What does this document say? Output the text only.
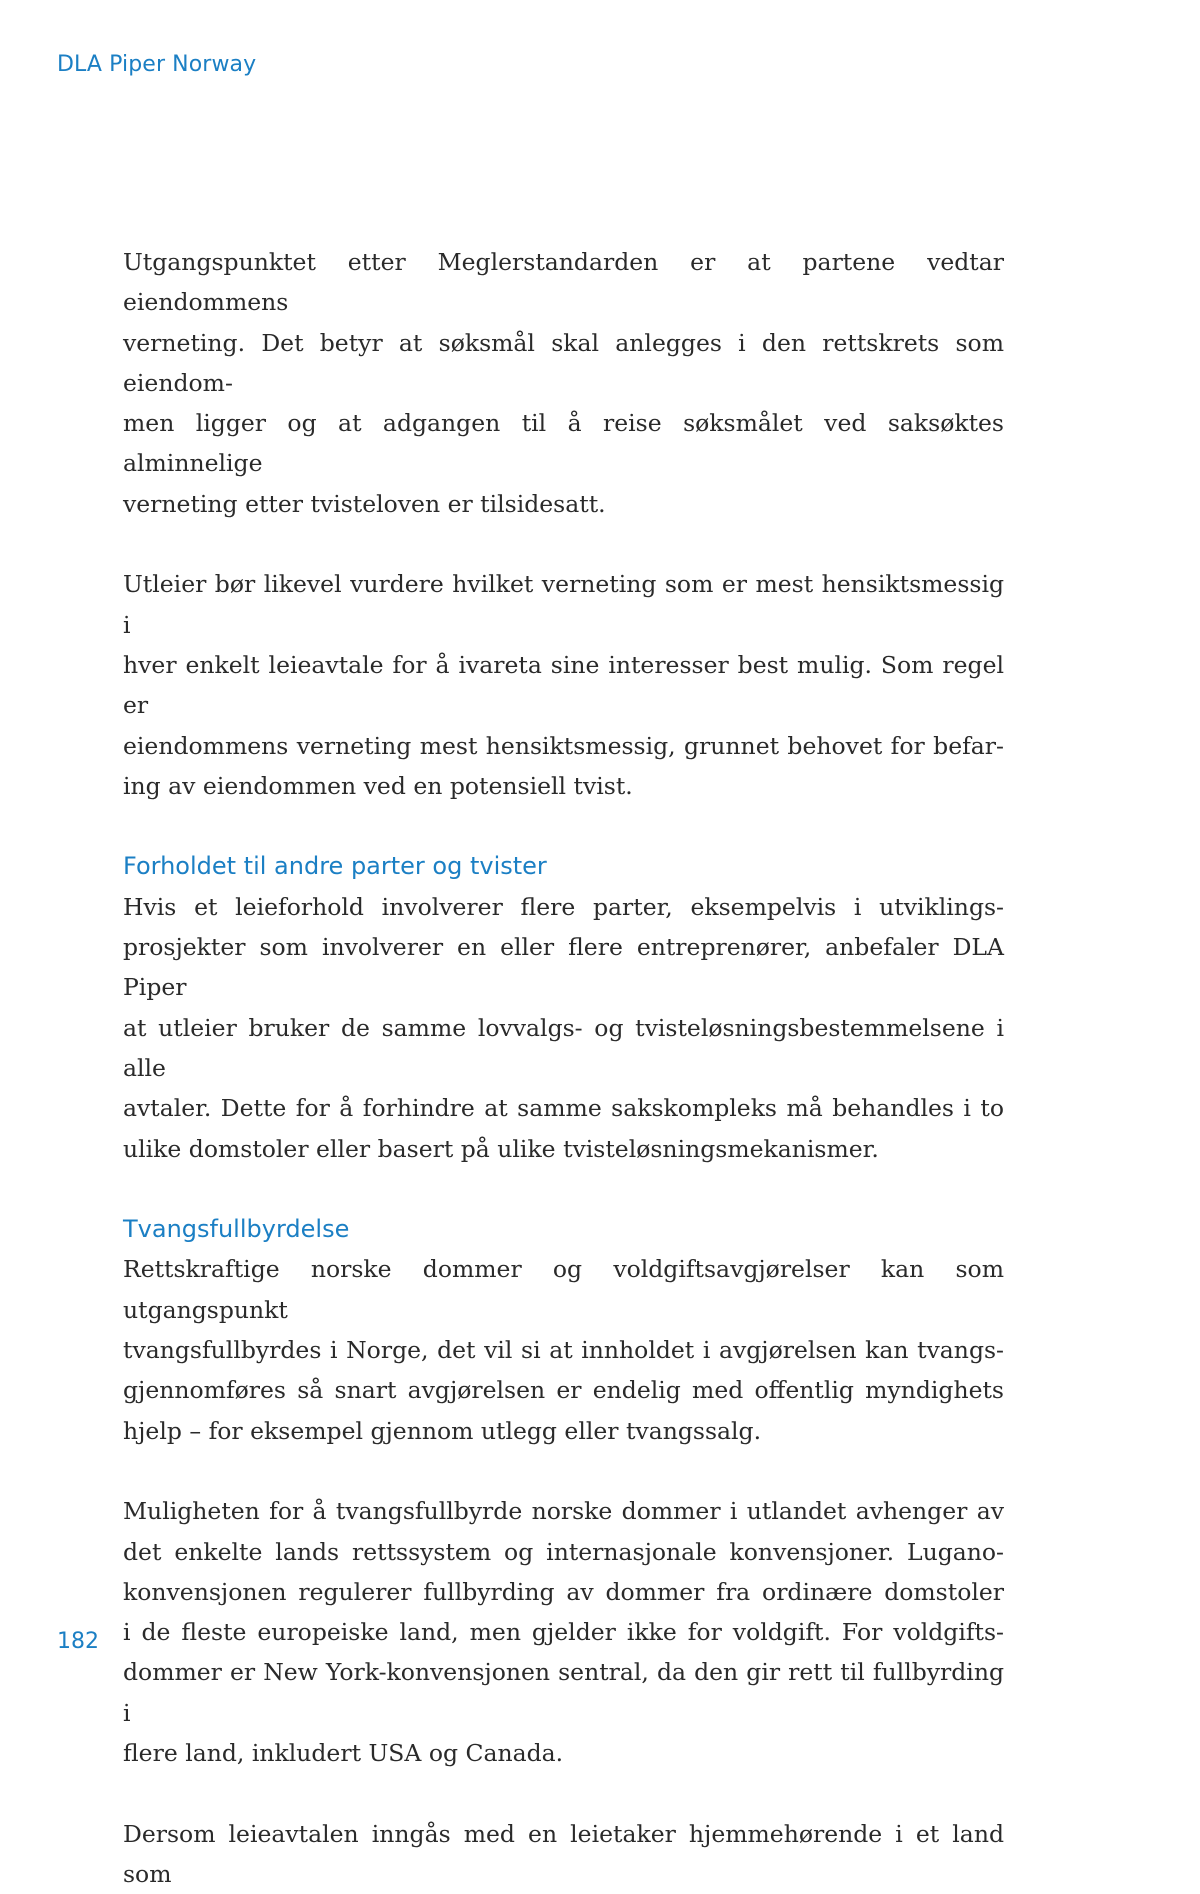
DLA Piper Norway
Utgangspunktet etter Meglerstandarden er at partene vedtar eiendommens
verneting. Det betyr at søksmål skal anlegges i den rettskrets som eiendom-
men ligger og at adgangen til å reise søksmålet ved saksøktes alminnelige
verneting etter tvisteloven er tilsidesatt.
Utleier bør likevel vurdere hvilket verneting som er mest hensiktsmessig i
hver enkelt leieavtale for å ivareta sine interesser best mulig. Som regel er
eiendommens verneting mest hensiktsmessig, grunnet behovet for befar-
ing av eiendommen ved en potensiell tvist.
Forholdet til andre parter og tvister
Hvis et leieforhold involverer flere parter, eksempelvis i utviklings-
prosjekter som involverer en eller flere entreprenører, anbefaler DLA Piper
at utleier bruker de samme lovvalgs- og tvisteløsningsbestemmelsene i alle
avtaler. Dette for å forhindre at samme sakskompleks må behandles i to
ulike domstoler eller basert på ulike tvisteløsningsmekanismer.
Tvangsfullbyrdelse
Rettskraftige norske dommer og voldgiftsavgjørelser kan som utgangspunkt
tvangsfullbyrdes i Norge, det vil si at innholdet i avgjørelsen kan tvangs-
gjennomføres så snart avgjørelsen er endelig med offentlig myndighets
hjelp – for eksempel gjennom utlegg eller tvangssalg.
Muligheten for å tvangsfullbyrde norske dommer i utlandet avhenger av
det enkelte lands rettssystem og internasjonale konvensjoner. Lugano-
konvensjonen regulerer fullbyrding av dommer fra ordinære domstoler
i de fleste europeiske land, men gjelder ikke for voldgift. For voldgifts-
dommer er New York-konvensjonen sentral, da den gir rett til fullbyrding i
flere land, inkludert USA og Canada.
Dersom leieavtalen inngås med en leietaker hjemmehørende i et land som
182
